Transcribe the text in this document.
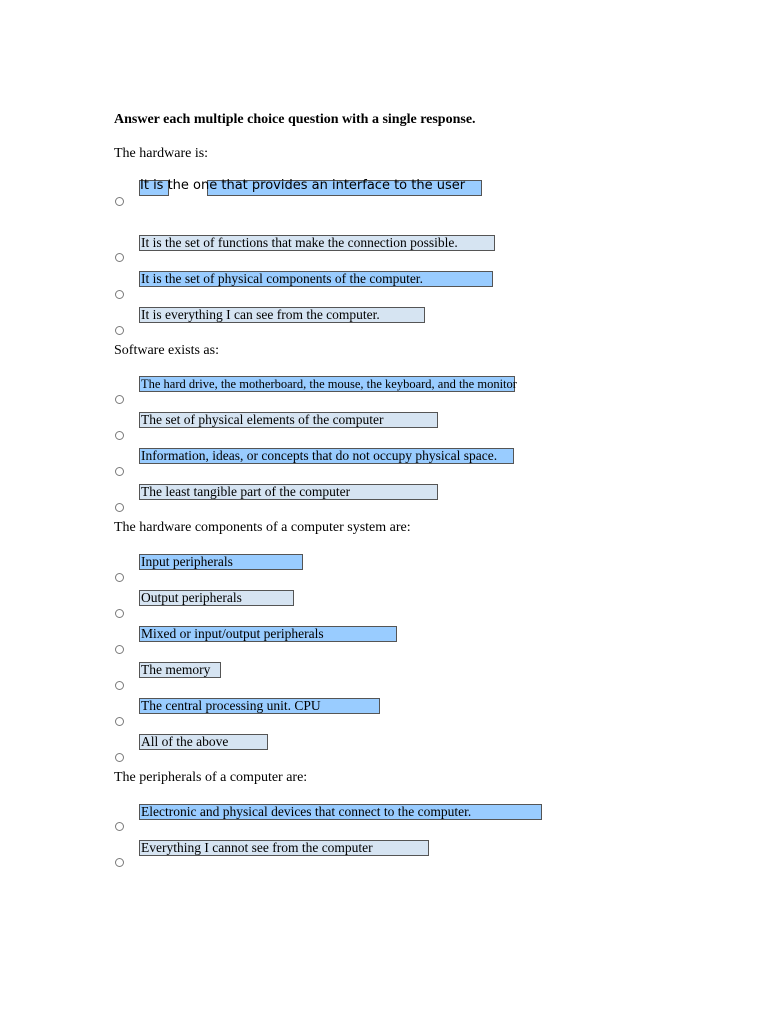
Answer each multiple choice question with a single response.
The hardware is:
It is the one that provides an interface to the user
It is the set of functions that make the connection possible.
It is the set of physical components of the computer.
It is everything I can see from the computer.
Software exists as:
The hard drive, the motherboard, the mouse, the keyboard, and the monitor
The set of physical elements of the computer
Information, ideas, or concepts that do not occupy physical space.
The least tangible part of the computer
The hardware components of a computer system are:
Input peripherals
Output peripherals
Mixed or input/output peripherals
The memory
The central processing unit. CPU
All of the above
The peripherals of a computer are:
Electronic and physical devices that connect to the computer.
Everything I cannot see from the computer
